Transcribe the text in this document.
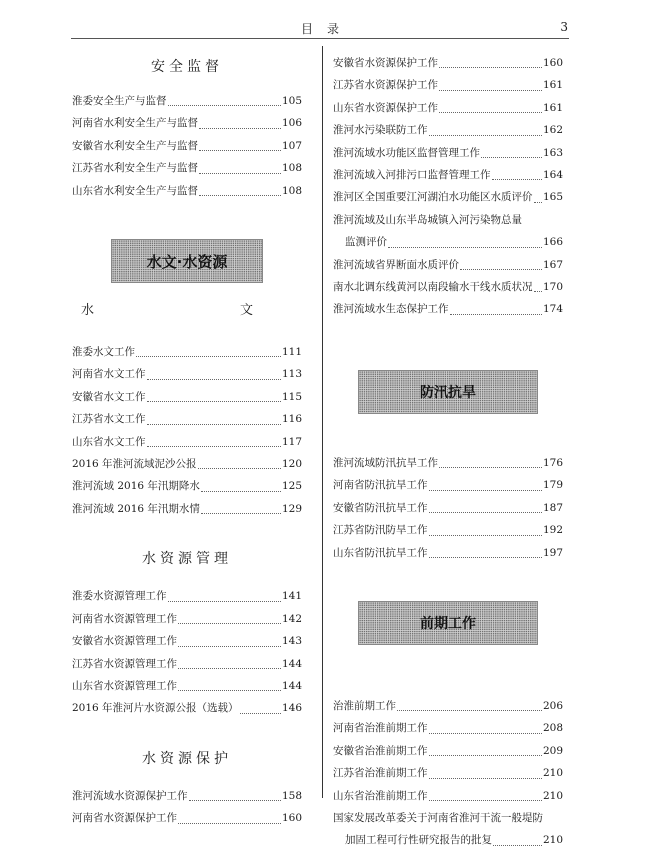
目录	3
安全监督
淮委安全生产与监督	105
河南省水利安全生产与监督	106
安徽省水利安全生产与监督	107
江苏省水利安全生产与监督	108
山东省水利安全生产与监督	108
水文·水资源
水　　文
淮委水文工作	111
河南省水文工作	113
安徽省水文工作	115
江苏省水文工作	116
山东省水文工作	117
2016 年淮河流域泥沙公报	120
淮河流域 2016 年汛期降水	125
淮河流域 2016 年汛期水情	129
水资源管理
淮委水资源管理工作	141
河南省水资源管理工作	142
安徽省水资源管理工作	143
江苏省水资源管理工作	144
山东省水资源管理工作	144
2016 年淮河片水资源公报（选载）	146
水资源保护
淮河流域水资源保护工作	158
河南省水资源保护工作	160
安徽省水资源保护工作	160
江苏省水资源保护工作	161
山东省水资源保护工作	161
淮河水污染联防工作	162
淮河流域水功能区监督管理工作	163
淮河流域入河排污口监督管理工作	164
淮河区全国重要江河湖泊水功能区水质评价 165
淮河流域及山东半岛城镇入河污染物总量
监测评价	166
淮河流域省界断面水质评价	167
南水北调东线黄河以南段输水干线水质状况 170
淮河流域水生态保护工作	174
防汛抗旱
淮河流域防汛抗旱工作	176
河南省防汛抗旱工作	179
安徽省防汛抗旱工作	187
江苏省防汛防旱工作	192
山东省防汛抗旱工作	197
前期工作
治淮前期工作	206
河南省治淮前期工作	208
安徽省治淮前期工作	209
江苏省治淮前期工作	210
山东省治淮前期工作	210
国家发展改革委关于河南省淮河干流一般堤防
加固工程可行性研究报告的批复	210
